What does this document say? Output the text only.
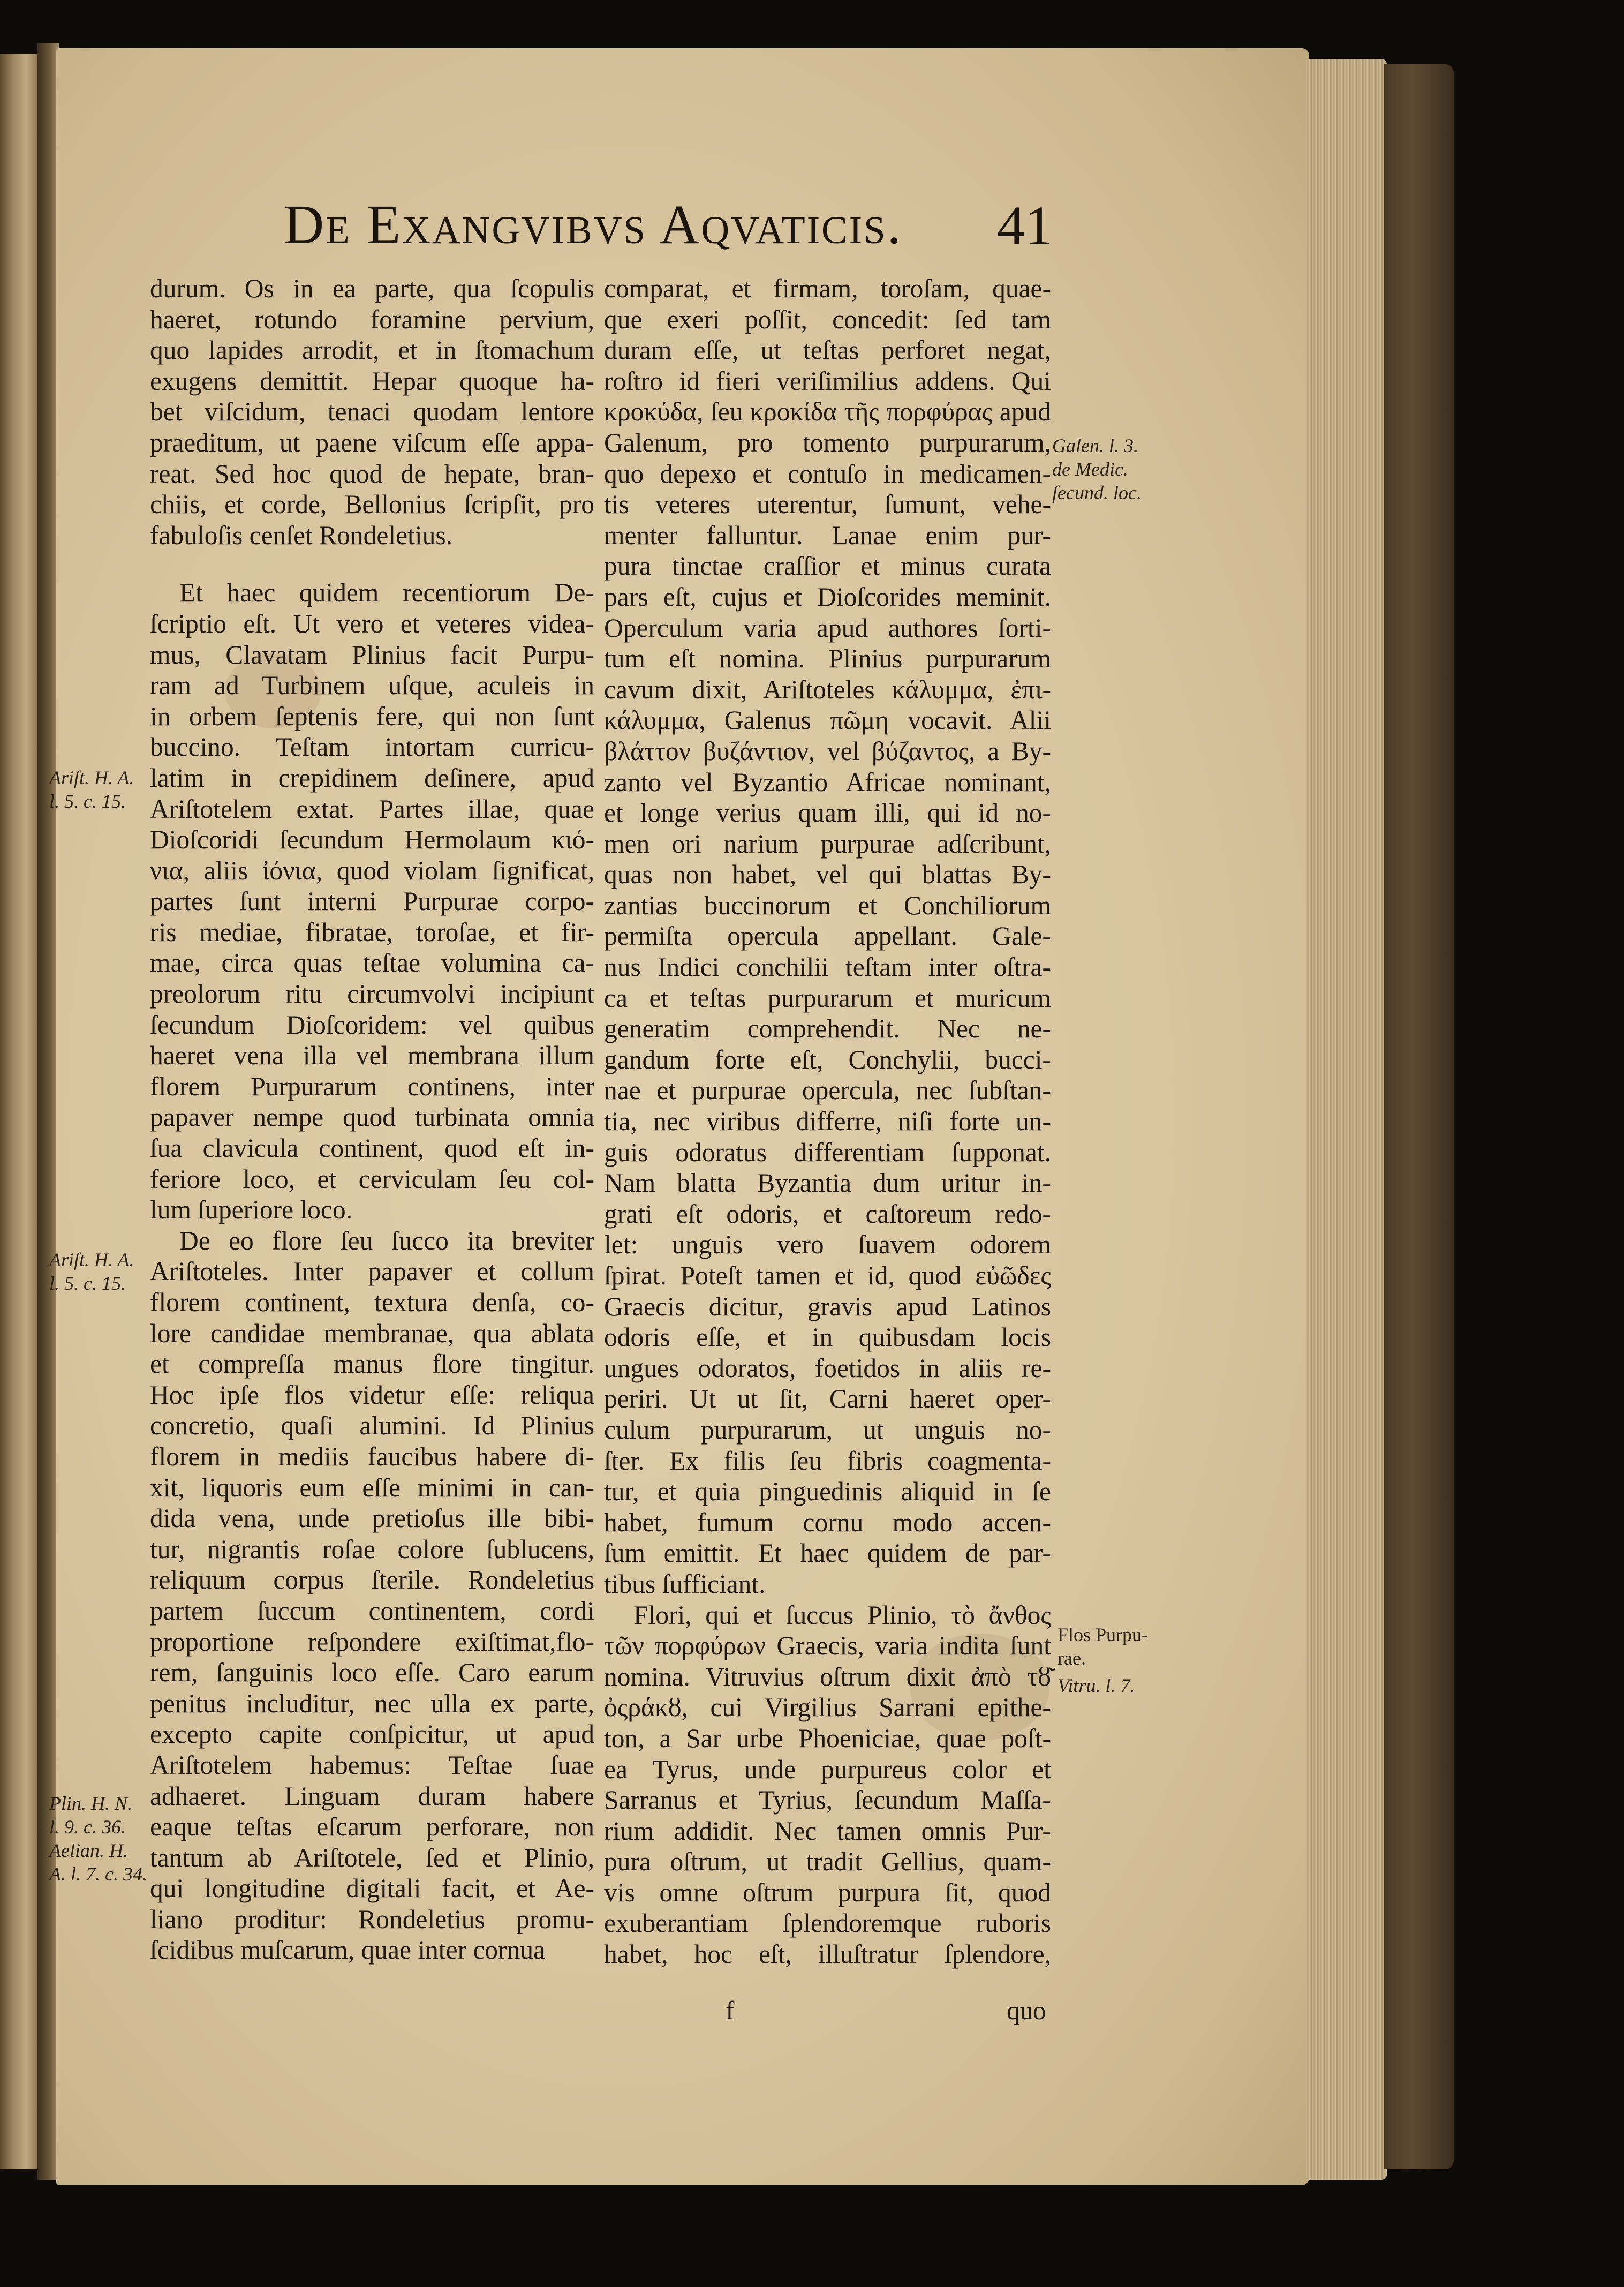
De Exangvibvs Aqvaticis.	41
durum. Os in ea parte, qua ſcopulis
haeret, rotundo foramine pervium,
quo lapides arrodit, et in ſtomachum
exugens demittit. Hepar quoque ha-
bet viſcidum, tenaci quodam lentore
praeditum, ut paene viſcum eſſe appa-
reat. Sed hoc quod de hepate, bran-
chiis, et corde, Bellonius ſcripſit, pro
fabuloſis cenſet Rondeletius.
Et haec quidem recentiorum De-
ſcriptio eſt. Ut vero et veteres videa-
mus, Clavatam Plinius facit Purpu-
ram ad Turbinem uſque, aculeis in
in orbem ſeptenis fere, qui non ſunt
buccino. Teſtam intortam curricu-
latim in crepidinem deſinere, apud
Ariſtotelem extat. Partes illae, quae
Dioſcoridi ſecundum Hermolaum κιό-
νια, aliis ἰόνια, quod violam ſignificat,
partes ſunt interni Purpurae corpo-
ris mediae, fibratae, toroſae, et fir-
mae, circa quas teſtae volumina ca-
preolorum ritu circumvolvi incipiunt
ſecundum Dioſcoridem: vel quibus
haeret vena illa vel membrana illum
florem Purpurarum continens, inter
papaver nempe quod turbinata omnia
ſua clavicula continent, quod eſt in-
feriore loco, et cerviculam ſeu col-
lum ſuperiore loco.
De eo flore ſeu ſucco ita breviter
Ariſtoteles. Inter papaver et collum
florem continent, textura denſa, co-
lore candidae membranae, qua ablata
et compreſſa manus flore tingitur.
Hoc ipſe flos videtur eſſe: reliqua
concretio, quaſi alumini. Id Plinius
florem in mediis faucibus habere di-
xit, liquoris eum eſſe minimi in can-
dida vena, unde pretioſus ille bibi-
tur, nigrantis roſae colore ſublucens,
reliquum corpus ſterile. Rondeletius
partem ſuccum continentem, cordi
proportione reſpondere exiſtimat,flo-
rem, ſanguinis loco eſſe. Caro earum
penitus includitur, nec ulla ex parte,
excepto capite conſpicitur, ut apud
Ariſtotelem habemus: Teſtae ſuae
adhaeret. Linguam duram habere
eaque teſtas eſcarum perforare, non
tantum ab Ariſtotele, ſed et Plinio,
qui longitudine digitali facit, et Ae-
liano proditur: Rondeletius promu-
ſcidibus muſcarum, quae inter cornua
comparat, et firmam, toroſam, quae-
que exeri poſſit, concedit: ſed tam
duram eſſe, ut teſtas perforet negat,
roſtro id fieri veriſimilius addens. Qui
κροκύδα, ſeu κροκίδα τῆς πορφύρας apud
Galenum, pro tomento purpurarum,
quo depexo et contuſo in medicamen-
tis veteres uterentur, ſumunt, vehe-
menter falluntur. Lanae enim pur-
pura tinctae craſſior et minus curata
pars eſt, cujus et Dioſcorides meminit.
Operculum varia apud authores ſorti-
tum eſt nomina. Plinius purpurarum
cavum dixit, Ariſtoteles κάλυμμα, ἐπι-
κάλυμμα, Galenus πῶμη vocavit. Alii
βλάττον βυζάντιον, vel βύζαντος, a By-
zanto vel Byzantio Africae nominant,
et longe verius quam illi, qui id no-
men ori narium purpurae adſcribunt,
quas non habet, vel qui blattas By-
zantias buccinorum et Conchiliorum
permiſta opercula appellant. Gale-
nus Indici conchilii teſtam inter oſtra-
ca et teſtas purpurarum et muricum
generatim comprehendit. Nec ne-
gandum forte eſt, Conchylii, bucci-
nae et purpurae opercula, nec ſubſtan-
tia, nec viribus differre, niſi forte un-
guis odoratus differentiam ſupponat.
Nam blatta Byzantia dum uritur in-
grati eſt odoris, et caſtoreum redo-
let: unguis vero ſuavem odorem
ſpirat. Poteſt tamen et id, quod εὐῶδες
Graecis dicitur, gravis apud Latinos
odoris eſſe, et in quibusdam locis
ungues odoratos, foetidos in aliis re-
periri. Ut ut ſit, Carni haeret oper-
culum purpurarum, ut unguis no-
ſter. Ex filis ſeu fibris coagmenta-
tur, et quia pinguedinis aliquid in ſe
habet, fumum cornu modo accen-
ſum emittit. Et haec quidem de par-
tibus ſufficiant.
Flori, qui et ſuccus Plinio, τὸ ἄνθος
τῶν πορφύρων Graecis, varia indita ſunt
nomina. Vitruvius oſtrum dixit ἀπὸ τȣ͂
ὀςράκȣ, cui Virgilius Sarrani epithe-
ton, a Sar urbe Phoeniciae, quae poſt-
ea Tyrus, unde purpureus color et
Sarranus et Tyrius, ſecundum Maſſa-
rium addidit. Nec tamen omnis Pur-
pura oſtrum, ut tradit Gellius, quam-
vis omne oſtrum purpura ſit, quod
exuberantiam ſplendoremque ruboris
habet, hoc eſt, illuſtratur ſplendore,
Ariſt. H. A.
l. 5. c. 15.
Ariſt. H. A.
l. 5. c. 15.
Plin. H. N.
l. 9. c. 36.
Aelian. H.
A. l. 7. c. 34.
Galen. l. 3.
de Medic.
ſecund. loc.
Flos Purpu-
rae.
Vitru. l. 7.
f	quo
